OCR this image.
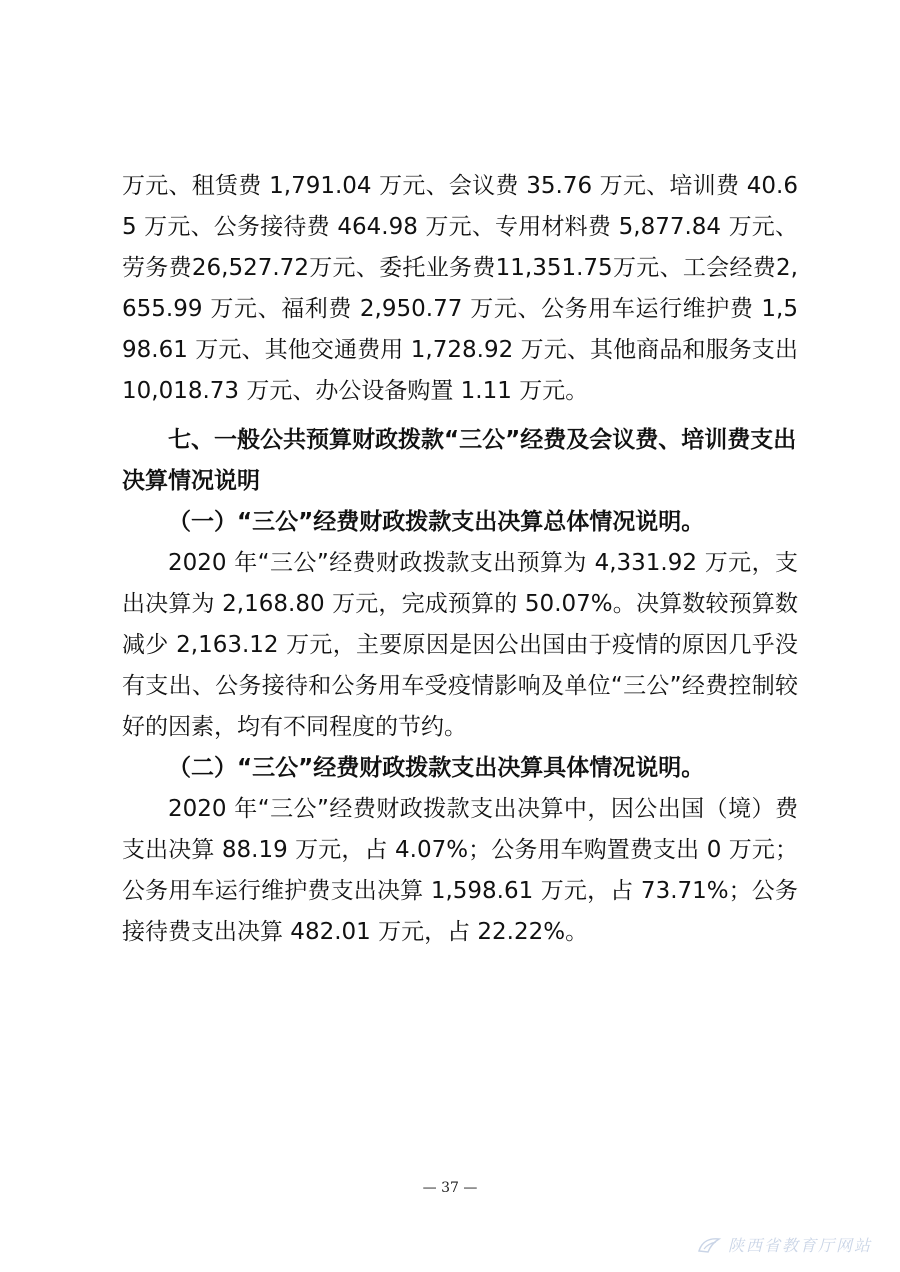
万元、租赁费 1,791.04 万元、会议费 35.76 万元、培训费 40.65 万元、公务接待费 464.98 万元、专用材料费 5,877.84 万元、劳务费26,527.72万元、委托业务费11,351.75万元、工会经费2,655.99 万元、福利费 2,950.77 万元、公务用车运行维护费 1,598.61 万元、其他交通费用 1,728.92 万元、其他商品和服务支出 10,018.73 万元、办公设备购置 1.11 万元。

七、一般公共预算财政拨款“三公”经费及会议费、培训费支出决算情况说明

（一）“三公”经费财政拨款支出决算总体情况说明。

2020 年“三公”经费财政拨款支出预算为 4,331.92 万元，支出决算为 2,168.80 万元，完成预算的 50.07%。决算数较预算数减少 2,163.12 万元，主要原因是因公出国由于疫情的原因几乎没有支出、公务接待和公务用车受疫情影响及单位“三公”经费控制较好的因素，均有不同程度的节约。

（二）“三公”经费财政拨款支出决算具体情况说明。

2020 年“三公”经费财政拨款支出决算中，因公出国（境）费支出决算 88.19 万元，占 4.07%；公务用车购置费支出 0 万元；公务用车运行维护费支出决算 1,598.61 万元，占 73.71%；公务接待费支出决算 482.01 万元，占 22.22%。

— 37 —
陕西省教育厅网站
